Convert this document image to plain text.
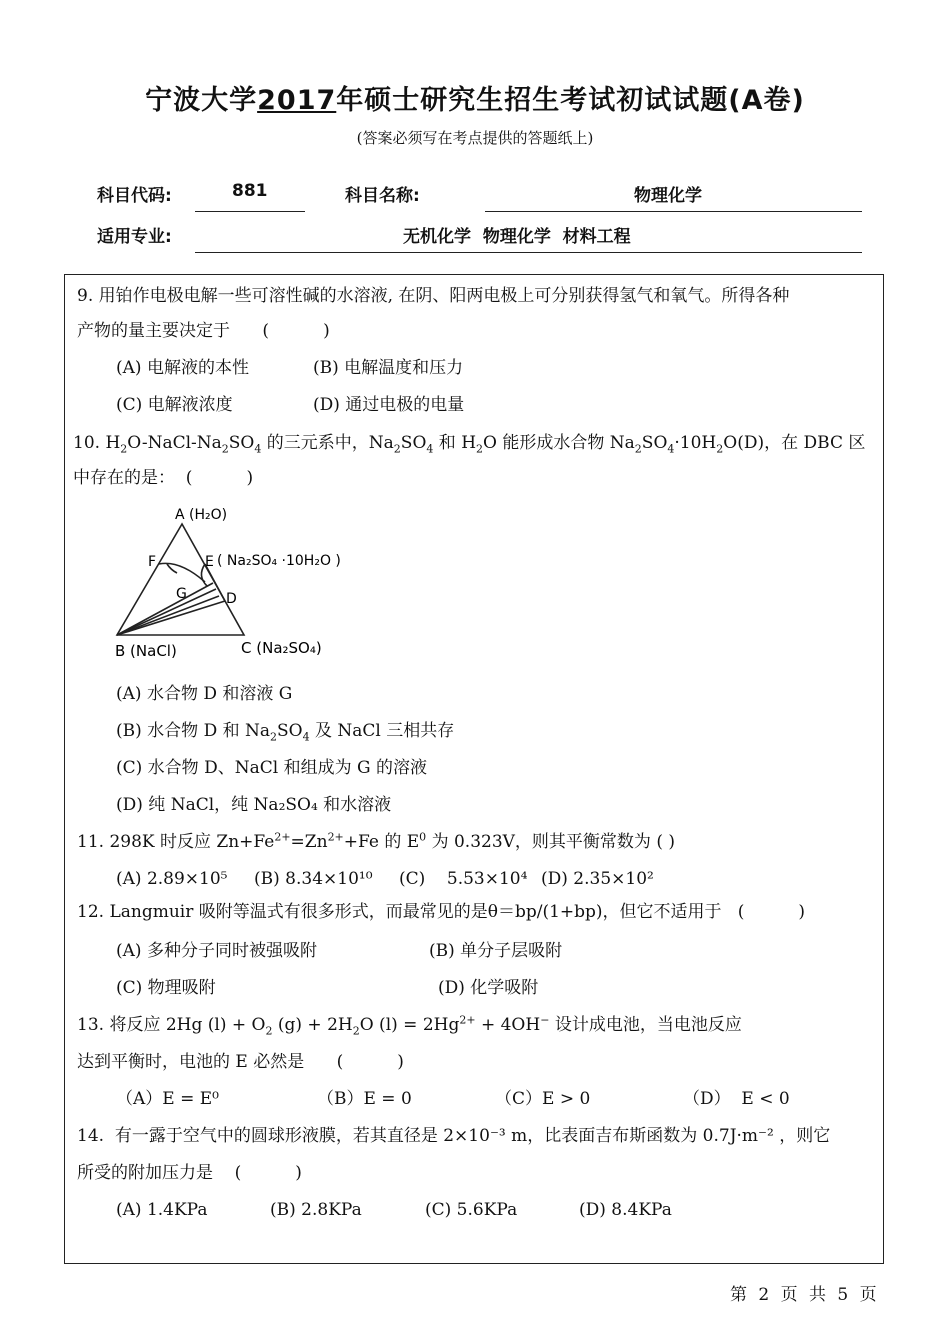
宁波大学2017年硕士研究生招生考试初试试题(A卷)
(答案必须写在考点提供的答题纸上)
科目代码:	881	科目名称:	物理化学
适用专业:	无机化学  物理化学  材料工程
9. 用铂作电极电解一些可溶性碱的水溶液, 在阴、阳两电极上可分别获得氢气和氧气。所得各种
产物的量主要决定于      (          )
(A) 电解液的本性	(B) 电解温度和压力
(C) 电解液浓度	(D) 通过电极的电量
10. $H_2O-NaCl-Na_2SO_4$ 的三元系中，$Na_2SO_4$ 和 $H_2O$ 能形成水合物 $Na_2SO_4\cdot 10H_2O(D)$，在 DBC 区
中存在的是：  (          )
A (H₂O)
F	E ( Na₂SO₄ ·10H₂O )
G	D
B (NaCl)	C (Na₂SO₄)
(A) 水合物 D 和溶液 G
(B) 水合物 D 和 $Na_2SO_4$ 及 NaCl 三相共存
(C) 水合物 D、NaCl 和组成为 G 的溶液
(D) 纯 NaCl，纯 Na₂SO₄ 和水溶液
11. 298K 时反应 $Zn+Fe^{2+}=Zn^{2+}+Fe$ 的 $E^0$ 为 0.323V，则其平衡常数为 ( )
(A) 2.89×10⁵ (B) 8.34×10¹⁰ (C)    5.53×10⁴ (D) 2.35×10²
12. Langmuir 吸附等温式有很多形式，而最常见的是θ＝bp/(1+bp)，但它不适用于   (          )
(A) 多种分子同时被强吸附	(B) 单分子层吸附
(C) 物理吸附	(D) 化学吸附
13. 将反应 2Hg $(l) + O_2$ $(g) + 2H_2O$ $(l) = 2Hg^{2+} + 4OH^-$ 设计成电池，当电池反应
达到平衡时，电池的 E 必然是      (          )
（A）E = E⁰	（B）E = 0	（C）E > 0	（D）  E < 0
14.  有一露于空气中的圆球形液膜，若其直径是 2×10⁻³ m，比表面吉布斯函数为 0.7J·m⁻² ，则它
所受的附加压力是    (          )
(A) 1.4KPa	(B) 2.8KPa	(C) 5.6KPa	(D) 8.4KPa
第 2 页 共 5 页
